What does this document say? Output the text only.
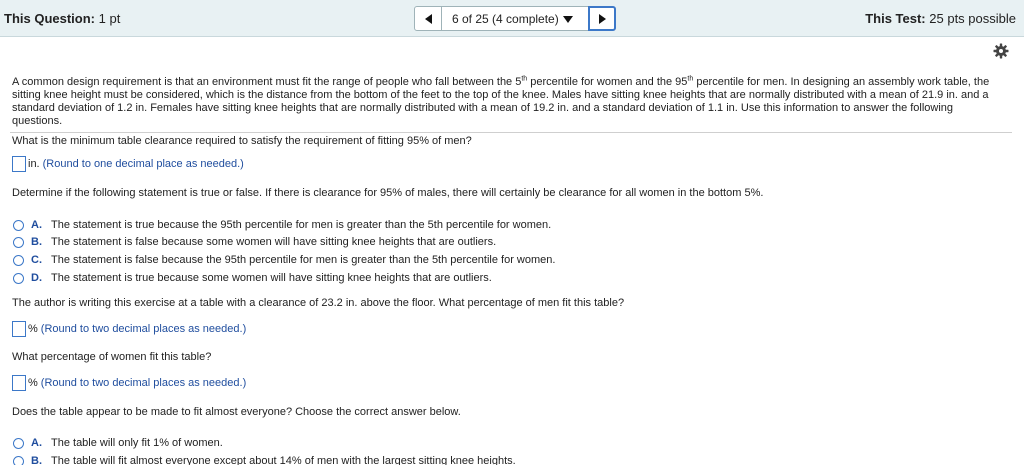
This Question: 1 pt	6 of 25 (4 complete)	This Test: 25 pts possible
A common design requirement is that an environment must fit the range of people who fall between the 5th percentile for women and the 95th percentile for men. In designing an assembly work table, the sitting knee height must be considered, which is the distance from the bottom of the feet to the top of the knee. Males have sitting knee heights that are normally distributed with a mean of 21.9 in. and a standard deviation of 1.2 in. Females have sitting knee heights that are normally distributed with a mean of 19.2 in. and a standard deviation of 1.1 in. Use this information to answer the following questions.
What is the minimum table clearance required to satisfy the requirement of fitting 95% of men?
in. (Round to one decimal place as needed.)
Determine if the following statement is true or false. If there is clearance for 95% of males, there will certainly be clearance for all women in the bottom 5%.
A. The statement is true because the 95th percentile for men is greater than the 5th percentile for women.
B. The statement is false because some women will have sitting knee heights that are outliers.
C. The statement is false because the 95th percentile for men is greater than the 5th percentile for women.
D. The statement is true because some women will have sitting knee heights that are outliers.
The author is writing this exercise at a table with a clearance of 23.2 in. above the floor. What percentage of men fit this table?
% (Round to two decimal places as needed.)
What percentage of women fit this table?
% (Round to two decimal places as needed.)
Does the table appear to be made to fit almost everyone? Choose the correct answer below.
A. The table will only fit 1% of women.
B. The table will fit almost everyone except about 14% of men with the largest sitting knee heights.
